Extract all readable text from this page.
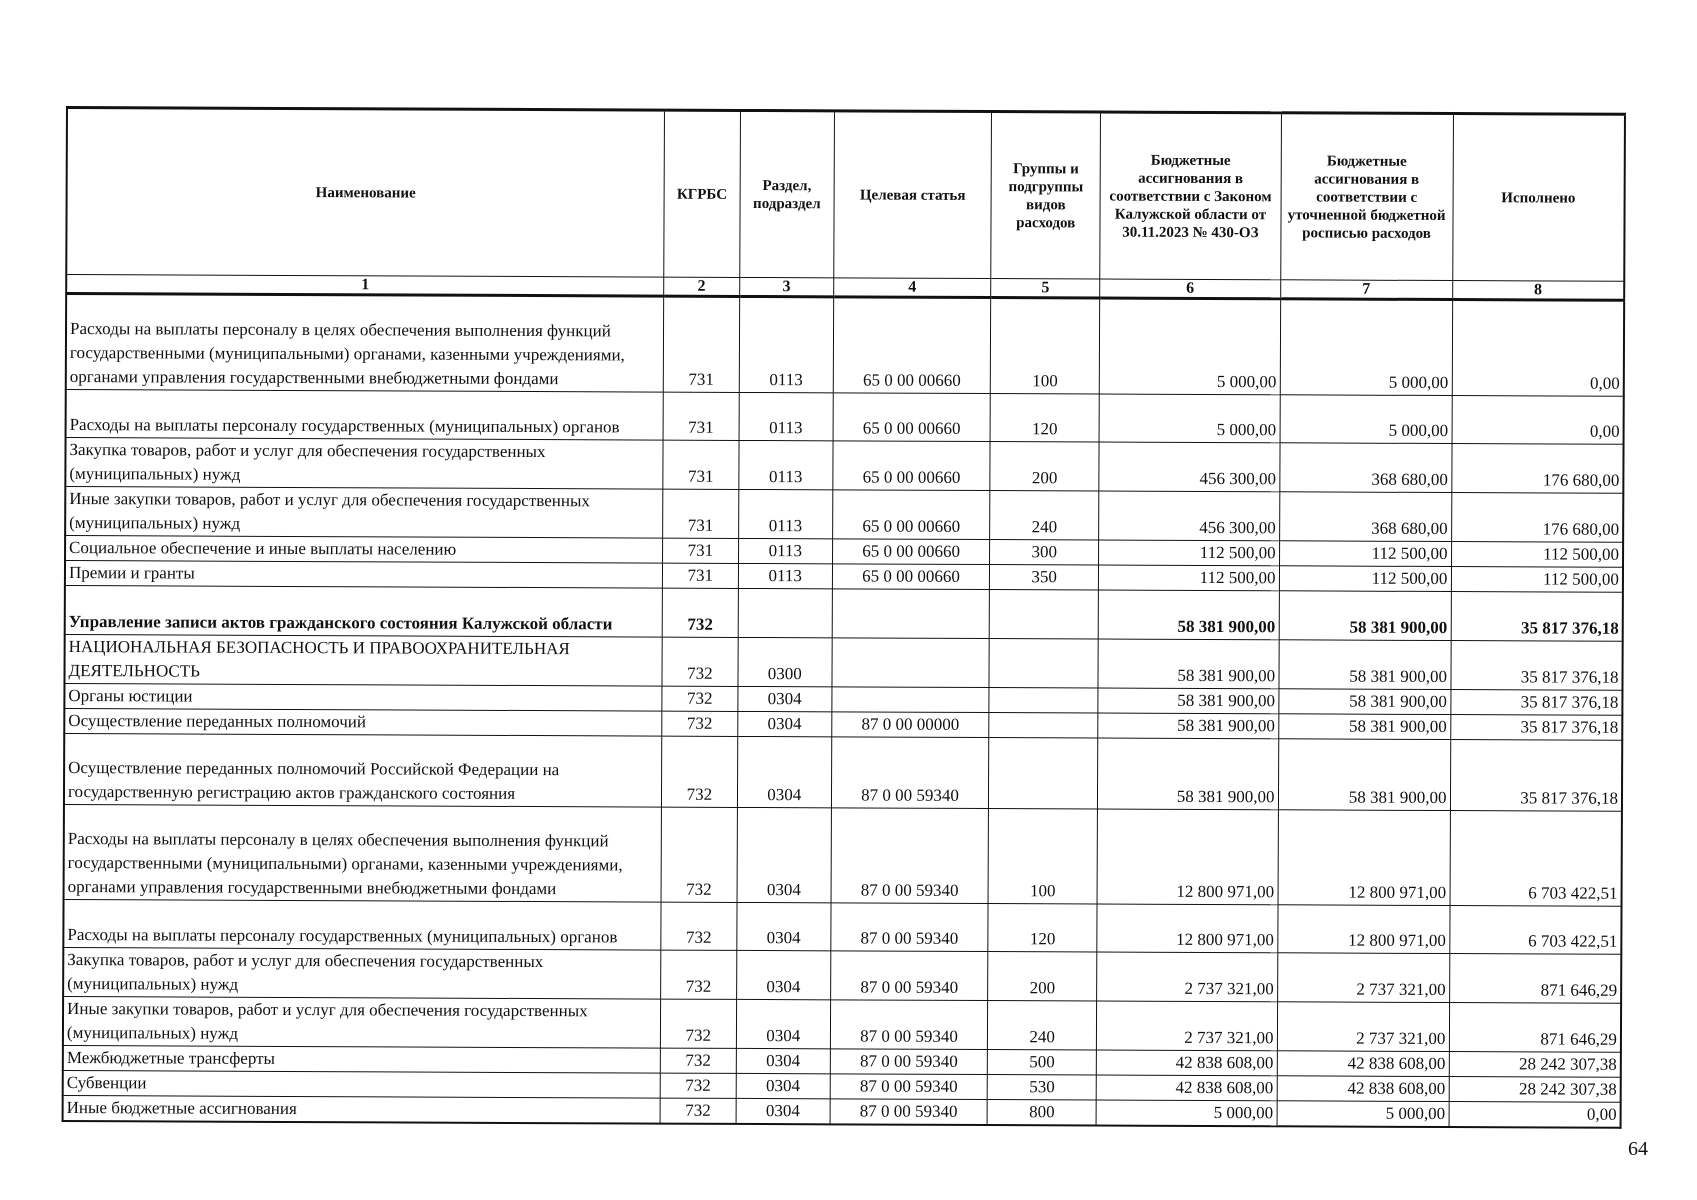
Наименование	КГРБС	Раздел, подраздел	Целевая статья	Группы и подгруппы видов расходов	Бюджетные ассигнования в соответствии с Законом Калужской области от 30.11.2023 № 430-ОЗ	Бюджетные ассигнования в соответствии с уточненной бюджетной росписью расходов	Исполнено
1	2	3	4	5	6	7	8
Расходы на выплаты персоналу в целях обеспечения выполнения функций государственными (муниципальными) органами, казенными учреждениями, органами управления государственными внебюджетными фондами	731	0113	65 0 00 00660	100	5 000,00	5 000,00	0,00
Расходы на выплаты персоналу государственных (муниципальных) органов	731	0113	65 0 00 00660	120	5 000,00	5 000,00	0,00
Закупка товаров, работ и услуг для обеспечения государственных (муниципальных) нужд	731	0113	65 0 00 00660	200	456 300,00	368 680,00	176 680,00
Иные закупки товаров, работ и услуг для обеспечения государственных (муниципальных) нужд	731	0113	65 0 00 00660	240	456 300,00	368 680,00	176 680,00
Социальное обеспечение и иные выплаты населению	731	0113	65 0 00 00660	300	112 500,00	112 500,00	112 500,00
Премии и гранты	731	0113	65 0 00 00660	350	112 500,00	112 500,00	112 500,00
Управление записи актов гражданского состояния Калужской области	732				58 381 900,00	58 381 900,00	35 817 376,18
НАЦИОНАЛЬНАЯ БЕЗОПАСНОСТЬ И ПРАВООХРАНИТЕЛЬНАЯ ДЕЯТЕЛЬНОСТЬ	732	0300			58 381 900,00	58 381 900,00	35 817 376,18
Органы юстиции	732	0304			58 381 900,00	58 381 900,00	35 817 376,18
Осуществление переданных полномочий	732	0304	87 0 00 00000		58 381 900,00	58 381 900,00	35 817 376,18
Осуществление переданных полномочий Российской Федерации на государственную регистрацию актов гражданского состояния	732	0304	87 0 00 59340		58 381 900,00	58 381 900,00	35 817 376,18
Расходы на выплаты персоналу в целях обеспечения выполнения функций государственными (муниципальными) органами, казенными учреждениями, органами управления государственными внебюджетными фондами	732	0304	87 0 00 59340	100	12 800 971,00	12 800 971,00	6 703 422,51
Расходы на выплаты персоналу государственных (муниципальных) органов	732	0304	87 0 00 59340	120	12 800 971,00	12 800 971,00	6 703 422,51
Закупка товаров, работ и услуг для обеспечения государственных (муниципальных) нужд	732	0304	87 0 00 59340	200	2 737 321,00	2 737 321,00	871 646,29
Иные закупки товаров, работ и услуг для обеспечения государственных (муниципальных) нужд	732	0304	87 0 00 59340	240	2 737 321,00	2 737 321,00	871 646,29
Межбюджетные трансферты	732	0304	87 0 00 59340	500	42 838 608,00	42 838 608,00	28 242 307,38
Субвенции	732	0304	87 0 00 59340	530	42 838 608,00	42 838 608,00	28 242 307,38
Иные бюджетные ассигнования	732	0304	87 0 00 59340	800	5 000,00	5 000,00	0,00
64
